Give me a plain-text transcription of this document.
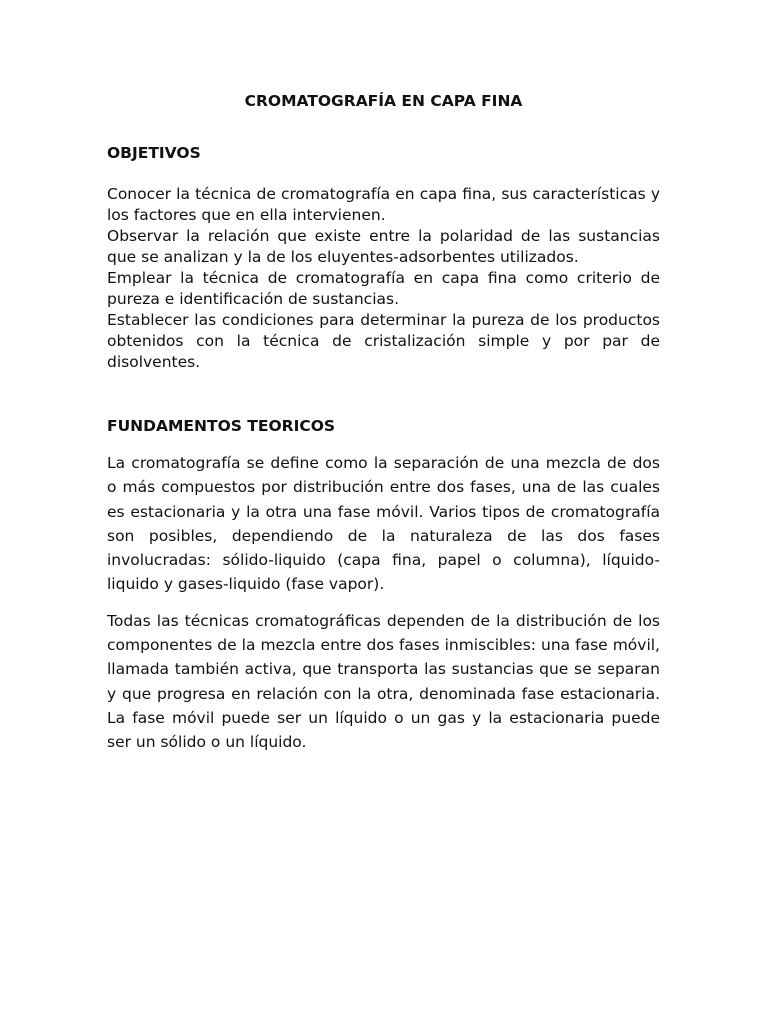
CROMATOGRAFÍA EN CAPA FINA
OBJETIVOS

Conocer la técnica de cromatografía en capa fina, sus características y los factores que en ella intervienen.

Observar la relación que existe entre la polaridad de las sustancias que se analizan y la de los eluyentes-adsorbentes utilizados.

Emplear la técnica de cromatografía en capa fina como criterio de pureza e identificación de sustancias.

Establecer las condiciones para determinar la pureza de los productos obtenidos con la técnica de cristalización simple y por par de disolventes.

FUNDAMENTOS TEORICOS

La cromatografía se define como la separación de una mezcla de dos o más compuestos por distribución entre dos fases, una de las cuales es estacionaria y la otra una fase móvil. Varios tipos de cromatografía son posibles, dependiendo de la naturaleza de las dos fases involucradas: sólido-liquido (capa fina, papel o columna), líquido-liquido y gases-liquido (fase vapor).

Todas las técnicas cromatográficas dependen de la distribución de los componentes de la mezcla entre dos fases inmiscibles: una fase móvil, llamada también activa, que transporta las sustancias que se separan y que progresa en relación con la otra, denominada fase estacionaria. La fase móvil puede ser un líquido o un gas y la estacionaria puede ser un sólido o un líquido.
